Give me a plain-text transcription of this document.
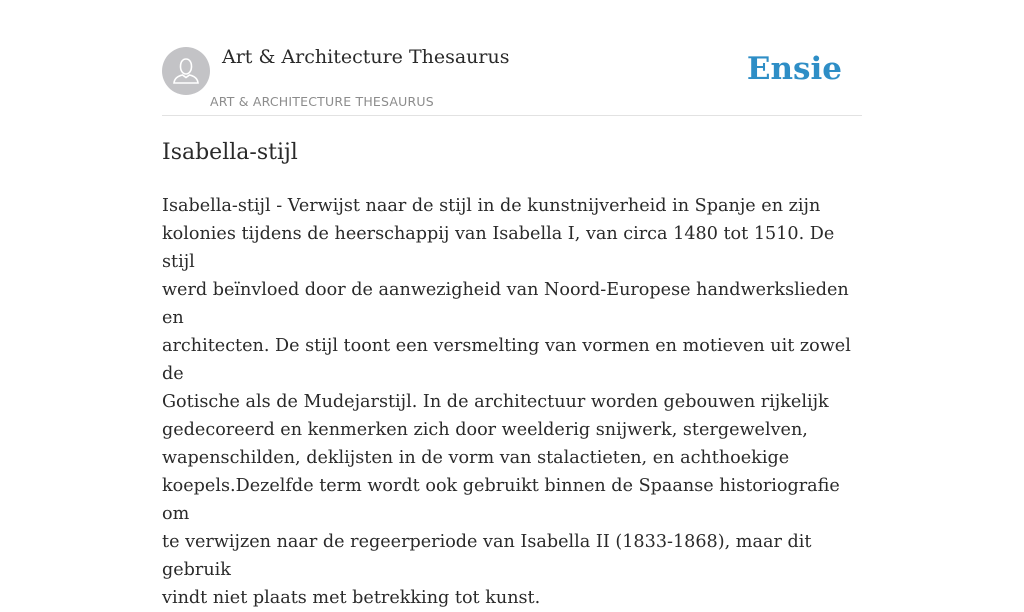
Art & Architecture Thesaurus
ART & ARCHITECTURE THESAURUS
Ensie
Isabella-stijl

Isabella-stijl - Verwijst naar de stijl in de kunstnijverheid in Spanje en zijn
kolonies tijdens de heerschappij van Isabella I, van circa 1480 tot 1510. De stijl
werd beïnvloed door de aanwezigheid van Noord-Europese handwerkslieden en
architecten. De stijl toont een versmelting van vormen en motieven uit zowel de
Gotische als de Mudejarstijl. In de architectuur worden gebouwen rijkelijk
gedecoreerd en kenmerken zich door weelderig snijwerk, stergewelven,
wapenschilden, deklijsten in de vorm van stalactieten, en achthoekige
koepels.Dezelfde term wordt ook gebruikt binnen de Spaanse historiografie om
te verwijzen naar de regeerperiode van Isabella II (1833-1868), maar dit gebruik
vindt niet plaats met betrekking tot kunst.
